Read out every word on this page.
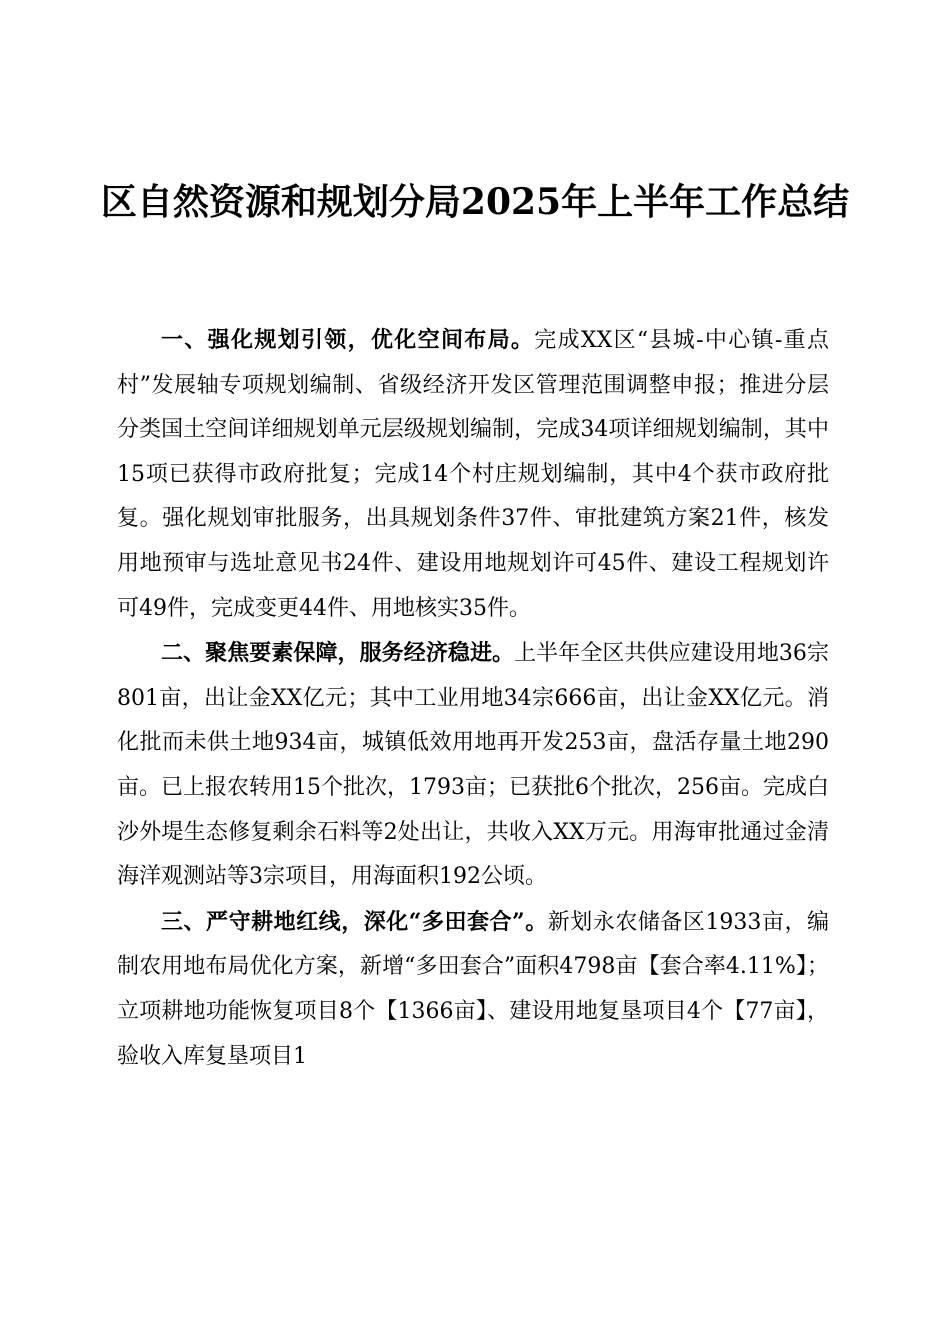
区自然资源和规划分局2025年上半年工作总结

一、强化规划引领，优化空间布局。完成XX区“县城-中心镇-重点村”发展轴专项规划编制、省级经济开发区管理范围调整申报；推进分层分类国土空间详细规划单元层级规划编制，完成34项详细规划编制，其中15项已获得市政府批复；完成14个村庄规划编制，其中4个获市政府批复。强化规划审批服务，出具规划条件37件、审批建筑方案21件，核发用地预审与选址意见书24件、建设用地规划许可45件、建设工程规划许可49件，完成变更44件、用地核实35件。

二、聚焦要素保障，服务经济稳进。上半年全区共供应建设用地36宗801亩，出让金XX亿元；其中工业用地34宗666亩，出让金XX亿元。消化批而未供土地934亩，城镇低效用地再开发253亩，盘活存量土地290亩。已上报农转用15个批次，1793亩；已获批6个批次，256亩。完成白沙外堤生态修复剩余石料等2处出让，共收入XX万元。用海审批通过金清海洋观测站等3宗项目，用海面积192公顷。

三、严守耕地红线，深化“多田套合”。新划永农储备区1933亩，编制农用地布局优化方案，新增“多田套合”面积4798亩【套合率4.11%】；立项耕地功能恢复项目8个【1366亩】、建设用地复垦项目4个【77亩】，验收入库复垦项目1
